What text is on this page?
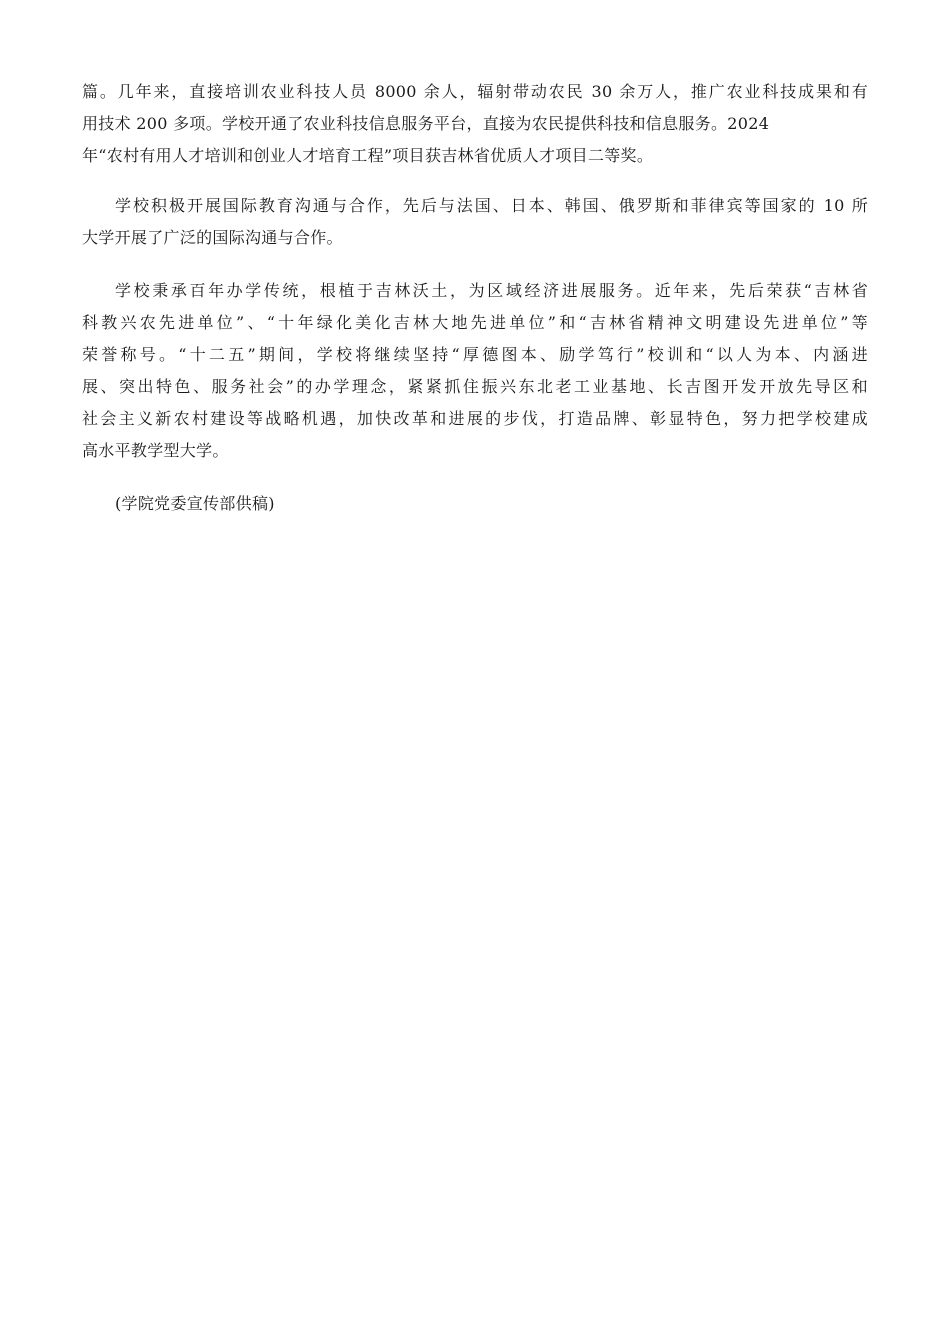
篇。几年来，直接培训农业科技人员 8000 余人，辐射带动农民 30 余万人，推广农业科技成果和有
用技术 200 多项。学校开通了农业科技信息服务平台，直接为农民提供科技和信息服务。2024
年“农村有用人才培训和创业人才培育工程”项目获吉林省优质人才项目二等奖。
学校积极开展国际教育沟通与合作，先后与法国、日本、韩国、俄罗斯和菲律宾等国家的 10 所
大学开展了广泛的国际沟通与合作。
学校秉承百年办学传统，根植于吉林沃土，为区域经济进展服务。近年来，先后荣获“吉林省
科教兴农先进单位”、“十年绿化美化吉林大地先进单位”和“吉林省精神文明建设先进单位”等
荣誉称号。“十二五”期间，学校将继续坚持“厚德图本、励学笃行”校训和“以人为本、内涵进
展、突出特色、服务社会”的办学理念，紧紧抓住振兴东北老工业基地、长吉图开发开放先导区和
社会主义新农村建设等战略机遇，加快改革和进展的步伐，打造品牌、彰显特色，努力把学校建成
高水平教学型大学。
(学院党委宣传部供稿)
